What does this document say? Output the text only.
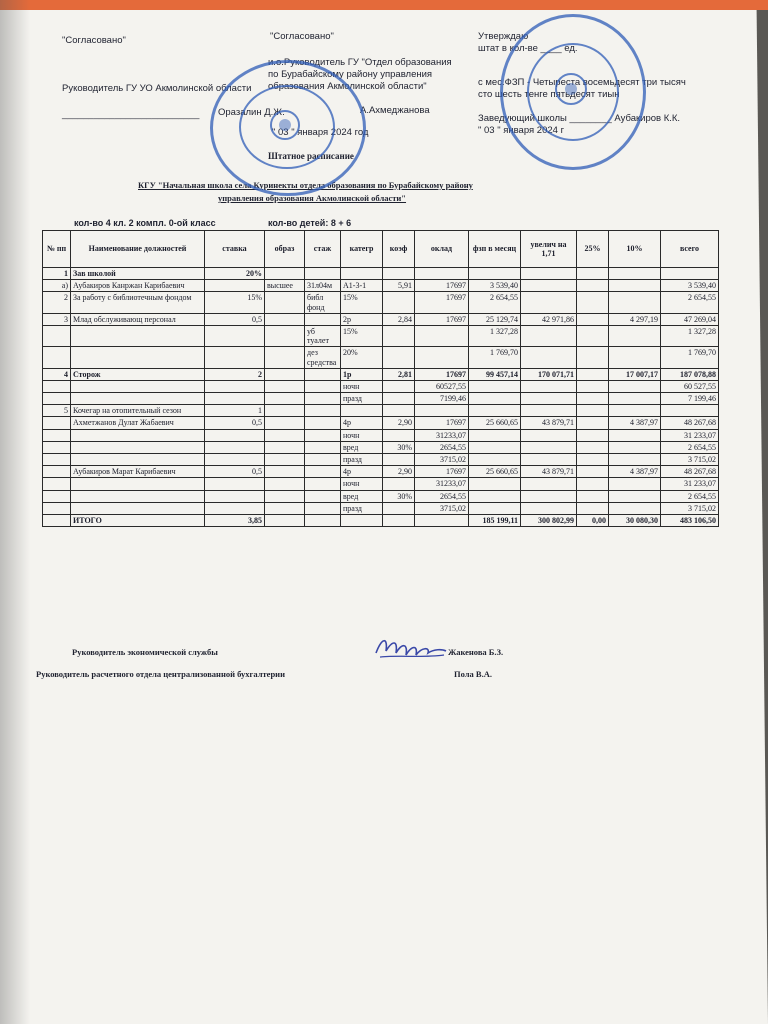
"Согласовано"	"Согласовано"	Утверждаю
штат в кол-ве ____ ед.
Руководитель ГУ УО Акмолинской области
__________________________ Оразалин Д.Ж.
и.о.Руководитель ГУ "Отдел образования
по Бурабайскому району управления
образования Акмолинской области"
А.Ахмеджанова
" 03 " января 2024 год
с мес.ФЗП - Четыреста восемьдесят три тысяч
сто шесть тенге пятьдесят тиын
Заведующий школы ________ Аубакиров К.К.
" 03 " января 2024 г
Штатное расписание
КГУ "Начальная школа села Куринекты отдела образования по Бурабайскому району
управления образования Акмолинской области"
кол-во 4 кл. 2 компл. 0-ой класс	кол-во детей: 8 + 6
№ пп	Наименование должностей	ставка	образ	стаж	категр	коэф	оклад	фзп в месяц	увелич на 1,71	25%	10%	всего
1	Зав школой	20%										
а)	Аубакиров Канржан Карибаевич		высшее	31л04м	А1-3-1	5,91	17697	3 539,40				3 539,40
2	За работу с библиотечным фондом	15%		библ фонд	15%		17697	2 654,55				2 654,55
3	Млад обслуживающ персонал	0,5			2р	2,84	17697	25 129,74	42 971,86		4 297,19	47 269,04
				уб туалет	15%			1 327,28				1 327,28
				дез средства	20%			1 769,70				1 769,70
4	Сторож	2			1р	2,81	17697	99 457,14	170 071,71		17 007,17	187 078,88
					ночн		60527,55					60 527,55
					празд		7199,46					7 199,46
5	Кочегар на отопительный сезон	1										
	Ахметжанов Дулат Жабаевич	0,5			4р	2,90	17697	25 660,65	43 879,71		4 387,97	48 267,68
					ночн		31233,07					31 233,07
					вред	30%	2654,55					2 654,55
					празд		3715,02					3 715,02
	Аубакиров Марат Карибаевич	0,5			4р	2,90	17697	25 660,65	43 879,71		4 387,97	48 267,68
					ночн		31233,07					31 233,07
					вред	30%	2654,55					2 654,55
					празд		3715,02					3 715,02
	ИТОГО	3,85						185 199,11	300 802,99	0,00	30 080,30	483 106,50
Руководитель экономической службы	Жакенова Б.З.
Руководитель расчетного отдела централизованной бухгалтерии	Пола В.А.
